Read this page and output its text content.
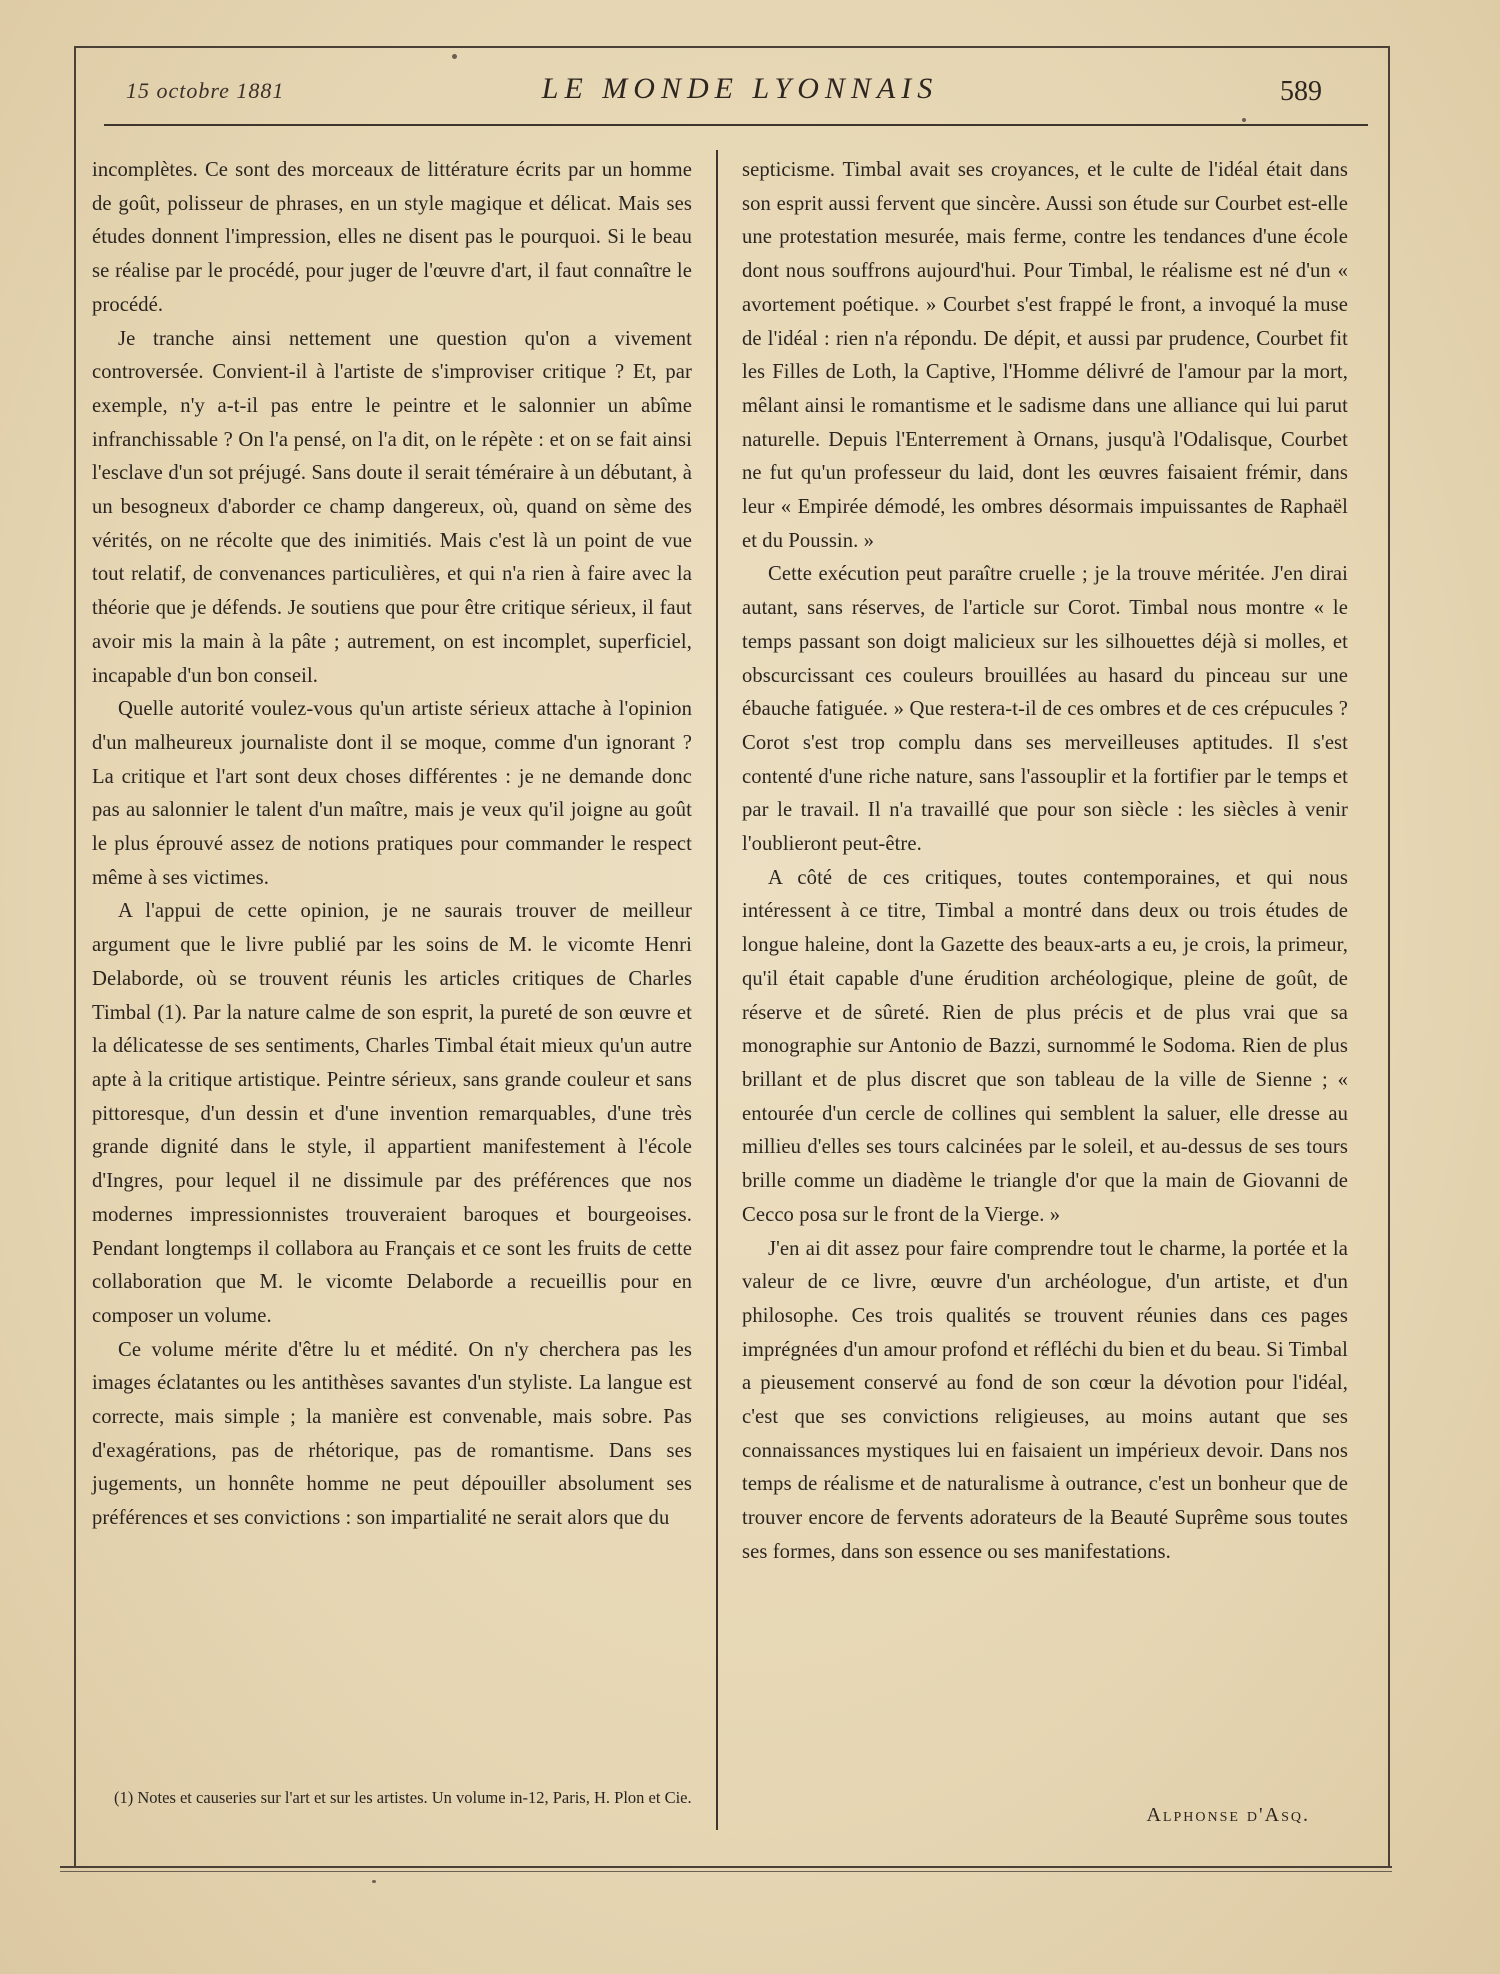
15 octobre 1881	LE MONDE LYONNAIS	589

incomplètes. Ce sont des morceaux de littérature écrits par un homme de goût, polisseur de phrases, en un style magique et délicat. Mais ses études donnent l'impression, elles ne disent pas le pourquoi. Si le beau se réalise par le procédé, pour juger de l'œuvre d'art, il faut connaître le procédé.

Je tranche ainsi nettement une question qu'on a vivement controversée. Convient-il à l'artiste de s'improviser critique ? Et, par exemple, n'y a-t-il pas entre le peintre et le salonnier un abîme infranchissable ? On l'a pensé, on l'a dit, on le répète : et on se fait ainsi l'esclave d'un sot préjugé. Sans doute il serait téméraire à un débutant, à un besogneux d'aborder ce champ dangereux, où, quand on sème des vérités, on ne récolte que des inimitiés. Mais c'est là un point de vue tout relatif, de convenances particulières, et qui n'a rien à faire avec la théorie que je défends. Je soutiens que pour être critique sérieux, il faut avoir mis la main à la pâte ; autrement, on est incomplet, superficiel, incapable d'un bon conseil.

Quelle autorité voulez-vous qu'un artiste sérieux attache à l'opinion d'un malheureux journaliste dont il se moque, comme d'un ignorant ? La critique et l'art sont deux choses différentes : je ne demande donc pas au salonnier le talent d'un maître, mais je veux qu'il joigne au goût le plus éprouvé assez de notions pratiques pour commander le respect même à ses victimes.

A l'appui de cette opinion, je ne saurais trouver de meilleur argument que le livre publié par les soins de M. le vicomte Henri Delaborde, où se trouvent réunis les articles critiques de Charles Timbal (1). Par la nature calme de son esprit, la pureté de son œuvre et la délicatesse de ses sentiments, Charles Timbal était mieux qu'un autre apte à la critique artistique. Peintre sérieux, sans grande couleur et sans pittoresque, d'un dessin et d'une invention remarquables, d'une très grande dignité dans le style, il appartient manifestement à l'école d'Ingres, pour lequel il ne dissimule par des préférences que nos modernes impressionnistes trouveraient baroques et bourgeoises. Pendant longtemps il collabora au Français et ce sont les fruits de cette collaboration que M. le vicomte Delaborde a recueillis pour en composer un volume.

Ce volume mérite d'être lu et médité. On n'y cherchera pas les images éclatantes ou les antithèses savantes d'un styliste. La langue est correcte, mais simple ; la manière est convenable, mais sobre. Pas d'exagérations, pas de rhétorique, pas de romantisme. Dans ses jugements, un honnête homme ne peut dépouiller absolument ses préférences et ses convictions : son impartialité ne serait alors que du

(1) Notes et causeries sur l'art et sur les artistes. Un volume in-12, Paris, H. Plon et Cie.

septicisme. Timbal avait ses croyances, et le culte de l'idéal était dans son esprit aussi fervent que sincère. Aussi son étude sur Courbet est-elle une protestation mesurée, mais ferme, contre les tendances d'une école dont nous souffrons aujourd'hui. Pour Timbal, le réalisme est né d'un « avortement poétique. » Courbet s'est frappé le front, a invoqué la muse de l'idéal : rien n'a répondu. De dépit, et aussi par prudence, Courbet fit les Filles de Loth, la Captive, l'Homme délivré de l'amour par la mort, mêlant ainsi le romantisme et le sadisme dans une alliance qui lui parut naturelle. Depuis l'Enterrement à Ornans, jusqu'à l'Odalisque, Courbet ne fut qu'un professeur du laid, dont les œuvres faisaient frémir, dans leur « Empirée démodé, les ombres désormais impuissantes de Raphaël et du Poussin. »

Cette exécution peut paraître cruelle ; je la trouve méritée. J'en dirai autant, sans réserves, de l'article sur Corot. Timbal nous montre « le temps passant son doigt malicieux sur les silhouettes déjà si molles, et obscurcissant ces couleurs brouillées au hasard du pinceau sur une ébauche fatiguée. » Que restera-t-il de ces ombres et de ces crépucules ? Corot s'est trop complu dans ses merveilleuses aptitudes. Il s'est contenté d'une riche nature, sans l'assouplir et la fortifier par le temps et par le travail. Il n'a travaillé que pour son siècle : les siècles à venir l'oublieront peut-être.

A côté de ces critiques, toutes contemporaines, et qui nous intéressent à ce titre, Timbal a montré dans deux ou trois études de longue haleine, dont la Gazette des beaux-arts a eu, je crois, la primeur, qu'il était capable d'une érudition archéologique, pleine de goût, de réserve et de sûreté. Rien de plus précis et de plus vrai que sa monographie sur Antonio de Bazzi, surnommé le Sodoma. Rien de plus brillant et de plus discret que son tableau de la ville de Sienne ; « entourée d'un cercle de collines qui semblent la saluer, elle dresse au millieu d'elles ses tours calcinées par le soleil, et au-dessus de ses tours brille comme un diadème le triangle d'or que la main de Giovanni de Cecco posa sur le front de la Vierge. »

J'en ai dit assez pour faire comprendre tout le charme, la portée et la valeur de ce livre, œuvre d'un archéologue, d'un artiste, et d'un philosophe. Ces trois qualités se trouvent réunies dans ces pages imprégnées d'un amour profond et réfléchi du bien et du beau. Si Timbal a pieusement conservé au fond de son cœur la dévotion pour l'idéal, c'est que ses convictions religieuses, au moins autant que ses connaissances mystiques lui en faisaient un impérieux devoir. Dans nos temps de réalisme et de naturalisme à outrance, c'est un bonheur que de trouver encore de fervents adorateurs de la Beauté Suprême sous toutes ses formes, dans son essence ou ses manifestations.

Alphonse d'Asq.
